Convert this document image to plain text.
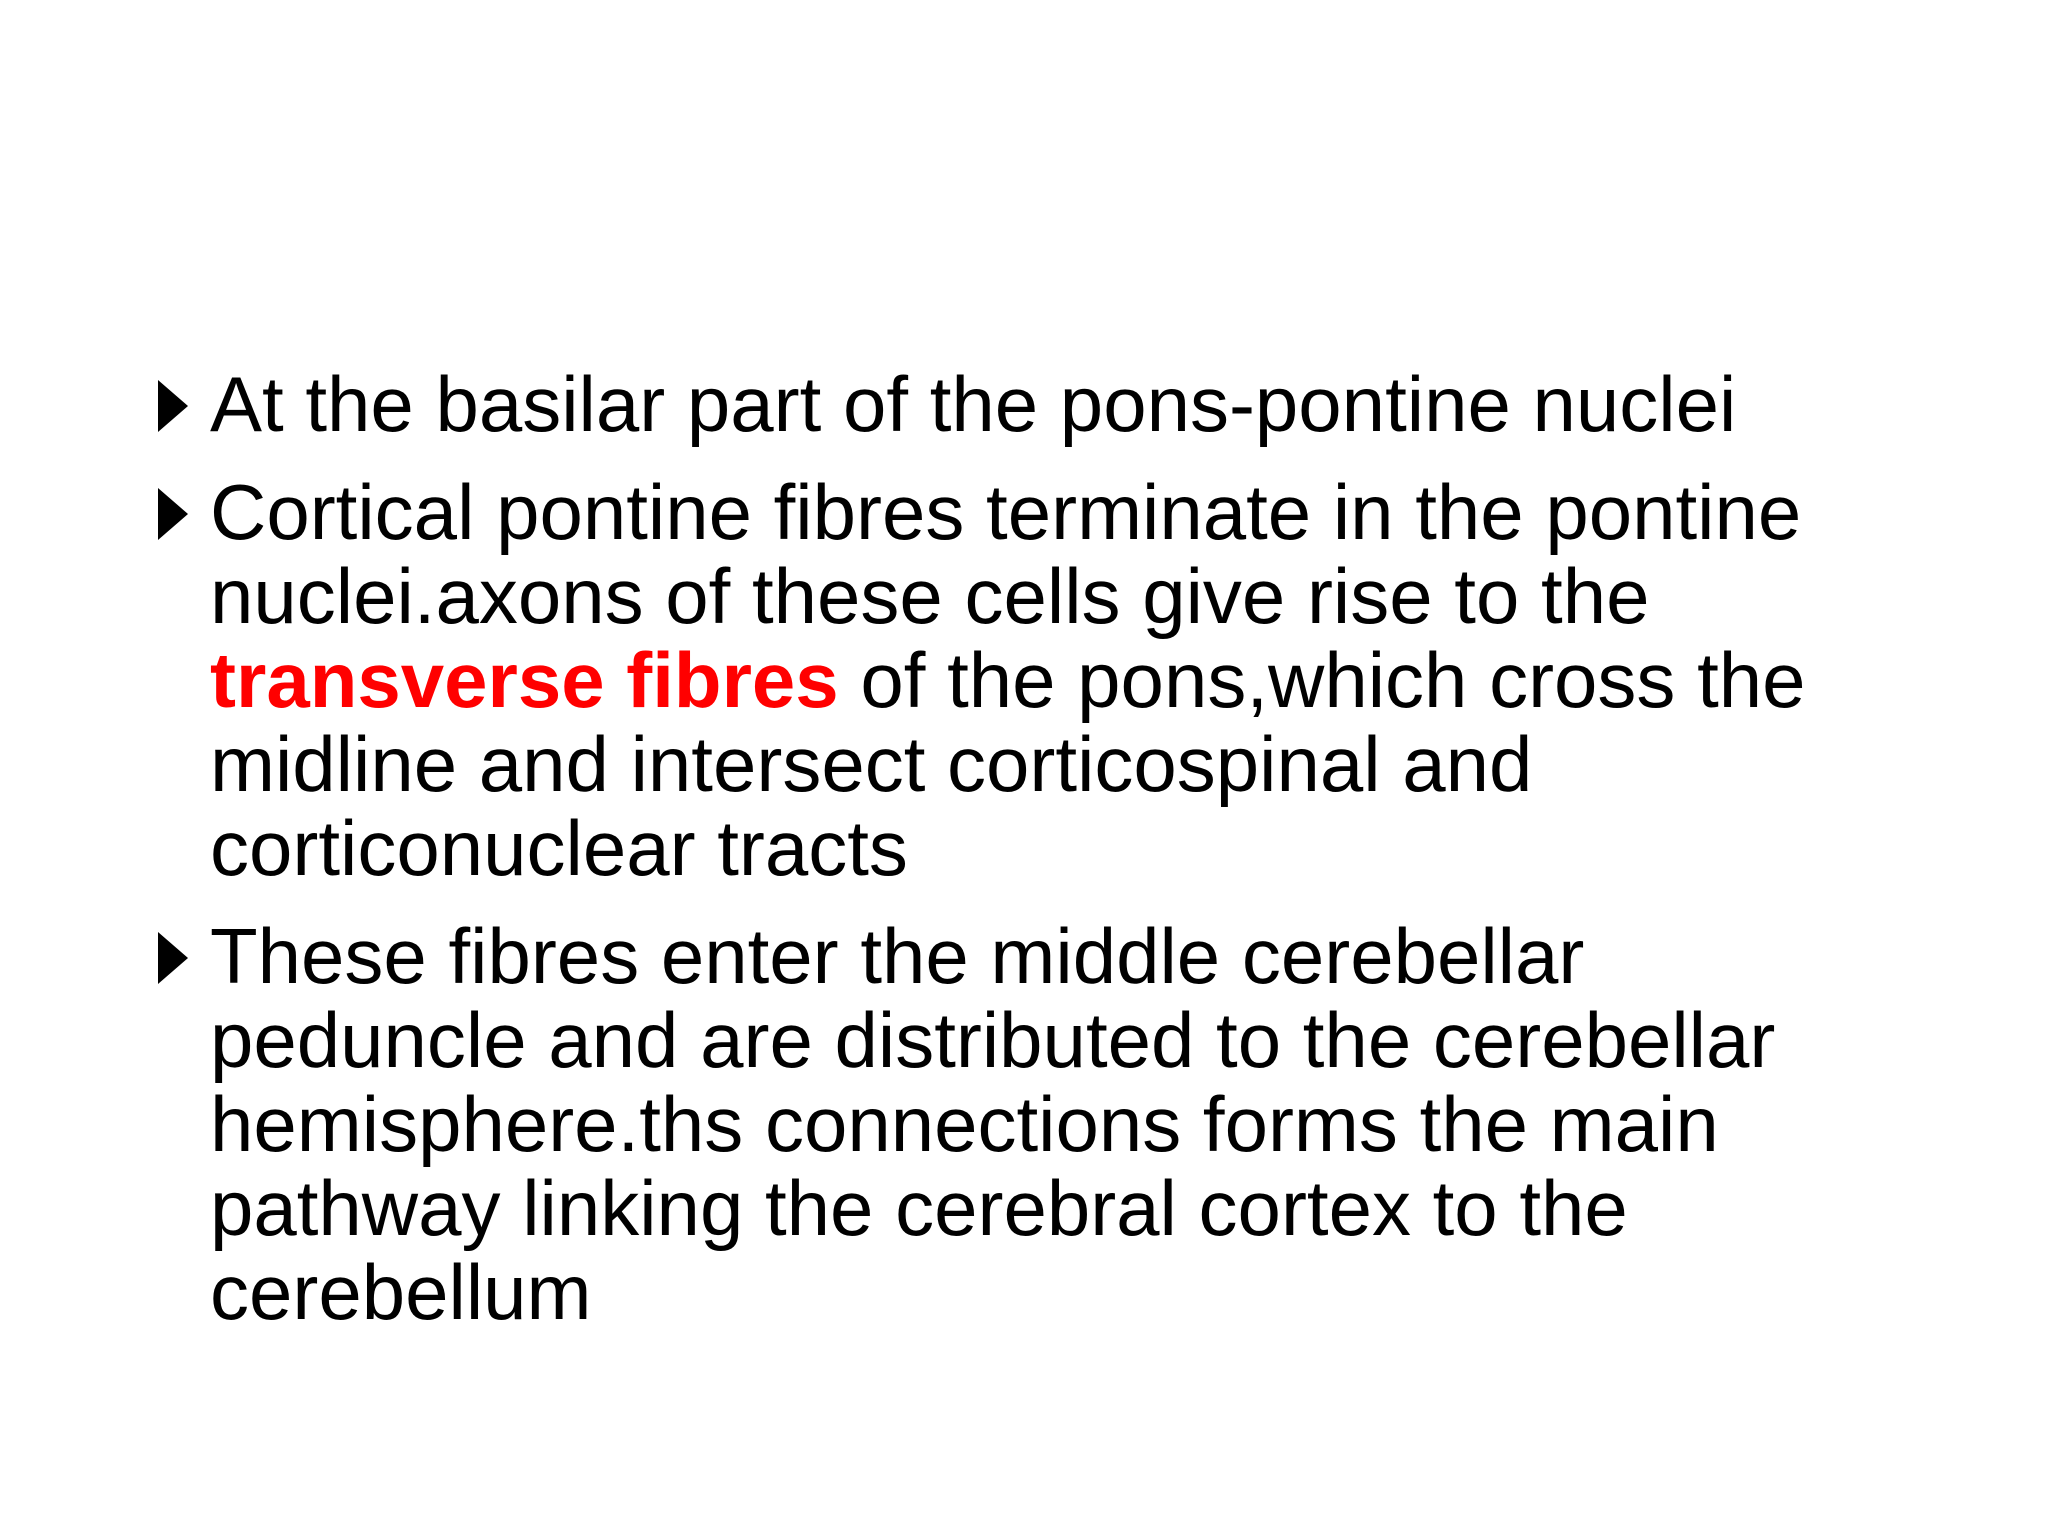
At the basilar part of the pons-pontine nuclei
Cortical pontine fibres terminate in the pontine nuclei.axons of these cells give rise to the transverse fibres of the pons,which cross the midline and intersect corticospinal and corticonuclear tracts
These fibres enter the middle cerebellar peduncle and are distributed to the cerebellar hemisphere.ths connections forms the main pathway linking the cerebral cortex to the cerebellum
